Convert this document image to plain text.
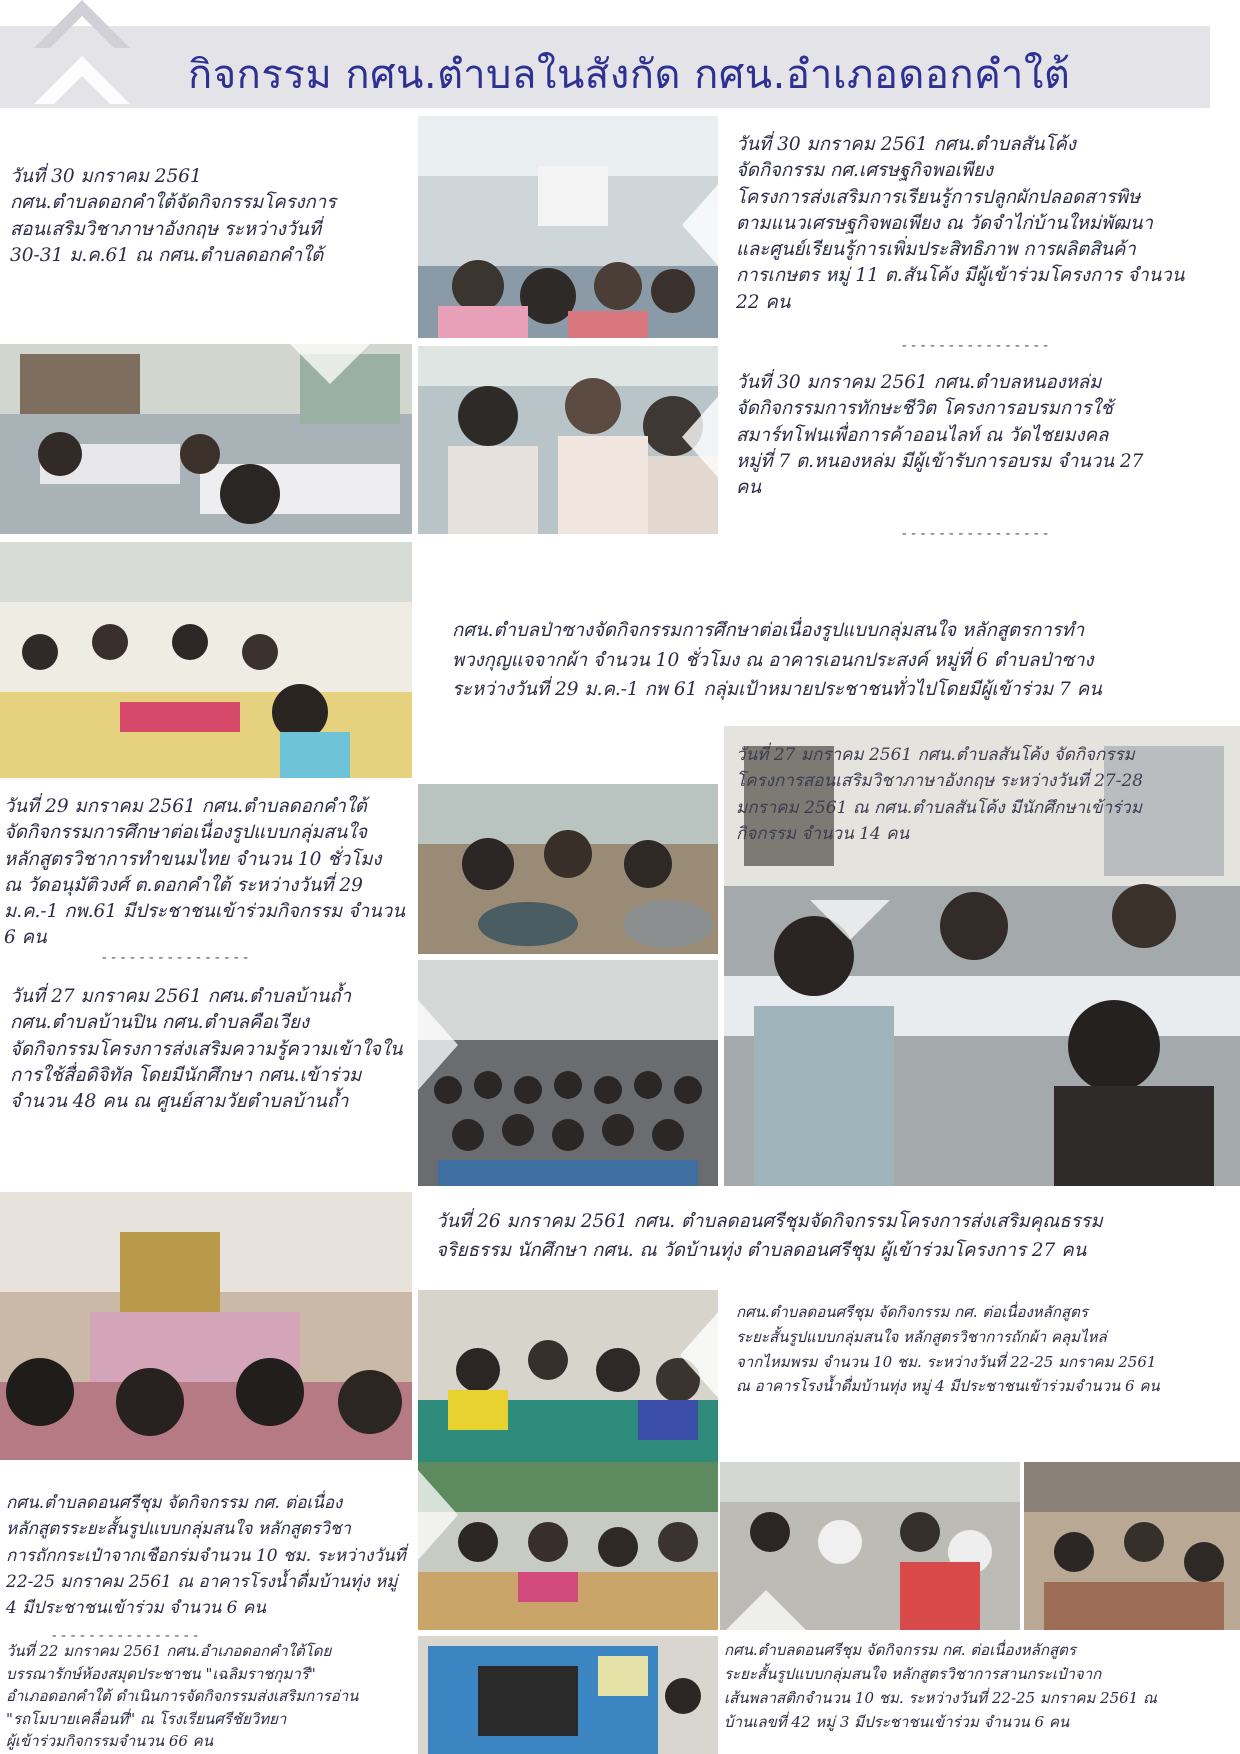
กิจกรรม กศน.ตำบลในสังกัด กศน.อำเภอดอกคำใต้
วันที่ 30 มกราคม 2561
กศน.ตำบลดอกคำใต้จัดกิจกรรมโครงการ
สอนเสริมวิชาภาษาอังกฤษ ระหว่างวันที่
30-31 ม.ค.61 ณ กศน.ตำบลดอกคำใต้
วันที่ 30 มกราคม 2561 กศน.ตำบลสันโค้ง
จัดกิจกรรม กศ.เศรษฐกิจพอเพียง
โครงการส่งเสริมการเรียนรู้การปลูกผักปลอดสารพิษ
ตามแนวเศรษฐกิจพอเพียง ณ วัดจำไก่บ้านใหม่พัฒนา
และศูนย์เรียนรู้การเพิ่มประสิทธิภาพ การผลิตสินค้า
การเกษตร หมู่ 11 ต.สันโค้ง มีผู้เข้าร่วมโครงการ จำนวน
22 คน
----------------
วันที่ 30 มกราคม 2561 กศน.ตำบลหนองหล่ม
จัดกิจกรรมการทักษะชีวิต โครงการอบรมการใช้
สมาร์ทโฟนเพื่อการค้าออนไลท์ ณ วัดไชยมงคล
หมู่ที่ 7 ต.หนองหล่ม มีผู้เข้ารับการอบรม จำนวน 27
คน
----------------
กศน.ตำบลป่าซางจัดกิจกรรมการศึกษาต่อเนื่องรูปแบบกลุ่มสนใจ หลักสูตรการทำ
พวงกุญแจจากผ้า จำนวน 10 ชั่วโมง ณ อาคารเอนกประสงค์ หมู่ที่ 6 ตำบลป่าซาง
ระหว่างวันที่ 29 ม.ค.-1 กพ 61 กลุ่มเป้าหมายประชาชนทั่วไปโดยมีผู้เข้าร่วม 7 คน
วันที่ 27 มกราคม 2561 กศน.ตำบลสันโค้ง จัดกิจกรรม
โครงการสอนเสริมวิชาภาษาอังกฤษ ระหว่างวันที่ 27-28
มกราคม 2561 ณ กศน.ตำบลสันโค้ง มีนักศึกษาเข้าร่วม
กิจกรรม จำนวน 14 คน
วันที่ 29 มกราคม 2561 กศน.ตำบลดอกคำใต้
จัดกิจกรรมการศึกษาต่อเนื่องรูปแบบกลุ่มสนใจ
หลักสูตรวิชาการทำขนมไทย จำนวน 10 ชั่วโมง
ณ วัดอนุมัติวงศ์ ต.ดอกคำใต้ ระหว่างวันที่ 29
ม.ค.-1 กพ.61 มีประชาชนเข้าร่วมกิจกรรม จำนวน
6 คน
----------------
วันที่ 27 มกราคม 2561 กศน.ตำบลบ้านถ้ำ
กศน.ตำบลบ้านปิน กศน.ตำบลคือเวียง
จัดกิจกรรมโครงการส่งเสริมความรู้ความเข้าใจใน
การใช้สื่อดิจิทัล โดยมีนักศึกษา กศน.เข้าร่วม
จำนวน 48 คน ณ ศูนย์สามวัยตำบลบ้านถ้ำ
วันที่ 26 มกราคม 2561 กศน. ตำบลดอนศรีชุมจัดกิจกรรมโครงการส่งเสริมคุณธรรม
จริยธรรม นักศึกษา กศน. ณ วัดบ้านทุ่ง ตำบลดอนศรีชุม ผู้เข้าร่วมโครงการ 27 คน
กศน.ตำบลดอนศรีชุม จัดกิจกรรม กศ. ต่อเนื่องหลักสูตร
ระยะสั้นรูปแบบกลุ่มสนใจ หลักสูตรวิชาการถักผ้า คลุมไหล่
จากไหมพรม จำนวน 10 ชม. ระหว่างวันที่ 22-25 มกราคม 2561
ณ อาคารโรงน้ำดื่มบ้านทุ่ง หมู่ 4 มีประชาชนเข้าร่วมจำนวน 6 คน
กศน.ตำบลดอนศรีชุม จัดกิจกรรม กศ. ต่อเนื่อง
หลักสูตรระยะสั้นรูปแบบกลุ่มสนใจ หลักสูตรวิชา
การถักกระเป๋าจากเชือกร่มจำนวน 10 ชม. ระหว่างวันที่
22-25 มกราคม 2561 ณ อาคารโรงน้ำดื่มบ้านทุ่ง หมู่
4 มีประชาชนเข้าร่วม จำนวน 6 คน
----------------
วันที่ 22 มกราคม 2561 กศน.อำเภอดอกคำใต้โดย
บรรณารักษ์ห้องสมุดประชาชน "เฉลิมราชกุมารี"
อำเภอดอกคำใต้ ดำเนินการจัดกิจกรรมส่งเสริมการอ่าน
"รถโมบายเคลื่อนที่" ณ โรงเรียนศรีชัยวิทยา
ผู้เข้าร่วมกิจกรรมจำนวน 66 คน
กศน.ตำบลดอนศรีชุม จัดกิจกรรม กศ. ต่อเนื่องหลักสูตร
ระยะสั้นรูปแบบกลุ่มสนใจ หลักสูตรวิชาการสานกระเป๋าจาก
เส้นพลาสติกจำนวน 10 ชม. ระหว่างวันที่ 22-25 มกราคม 2561 ณ
บ้านเลขที่ 42 หมู่ 3 มีประชาชนเข้าร่วม จำนวน 6 คน
